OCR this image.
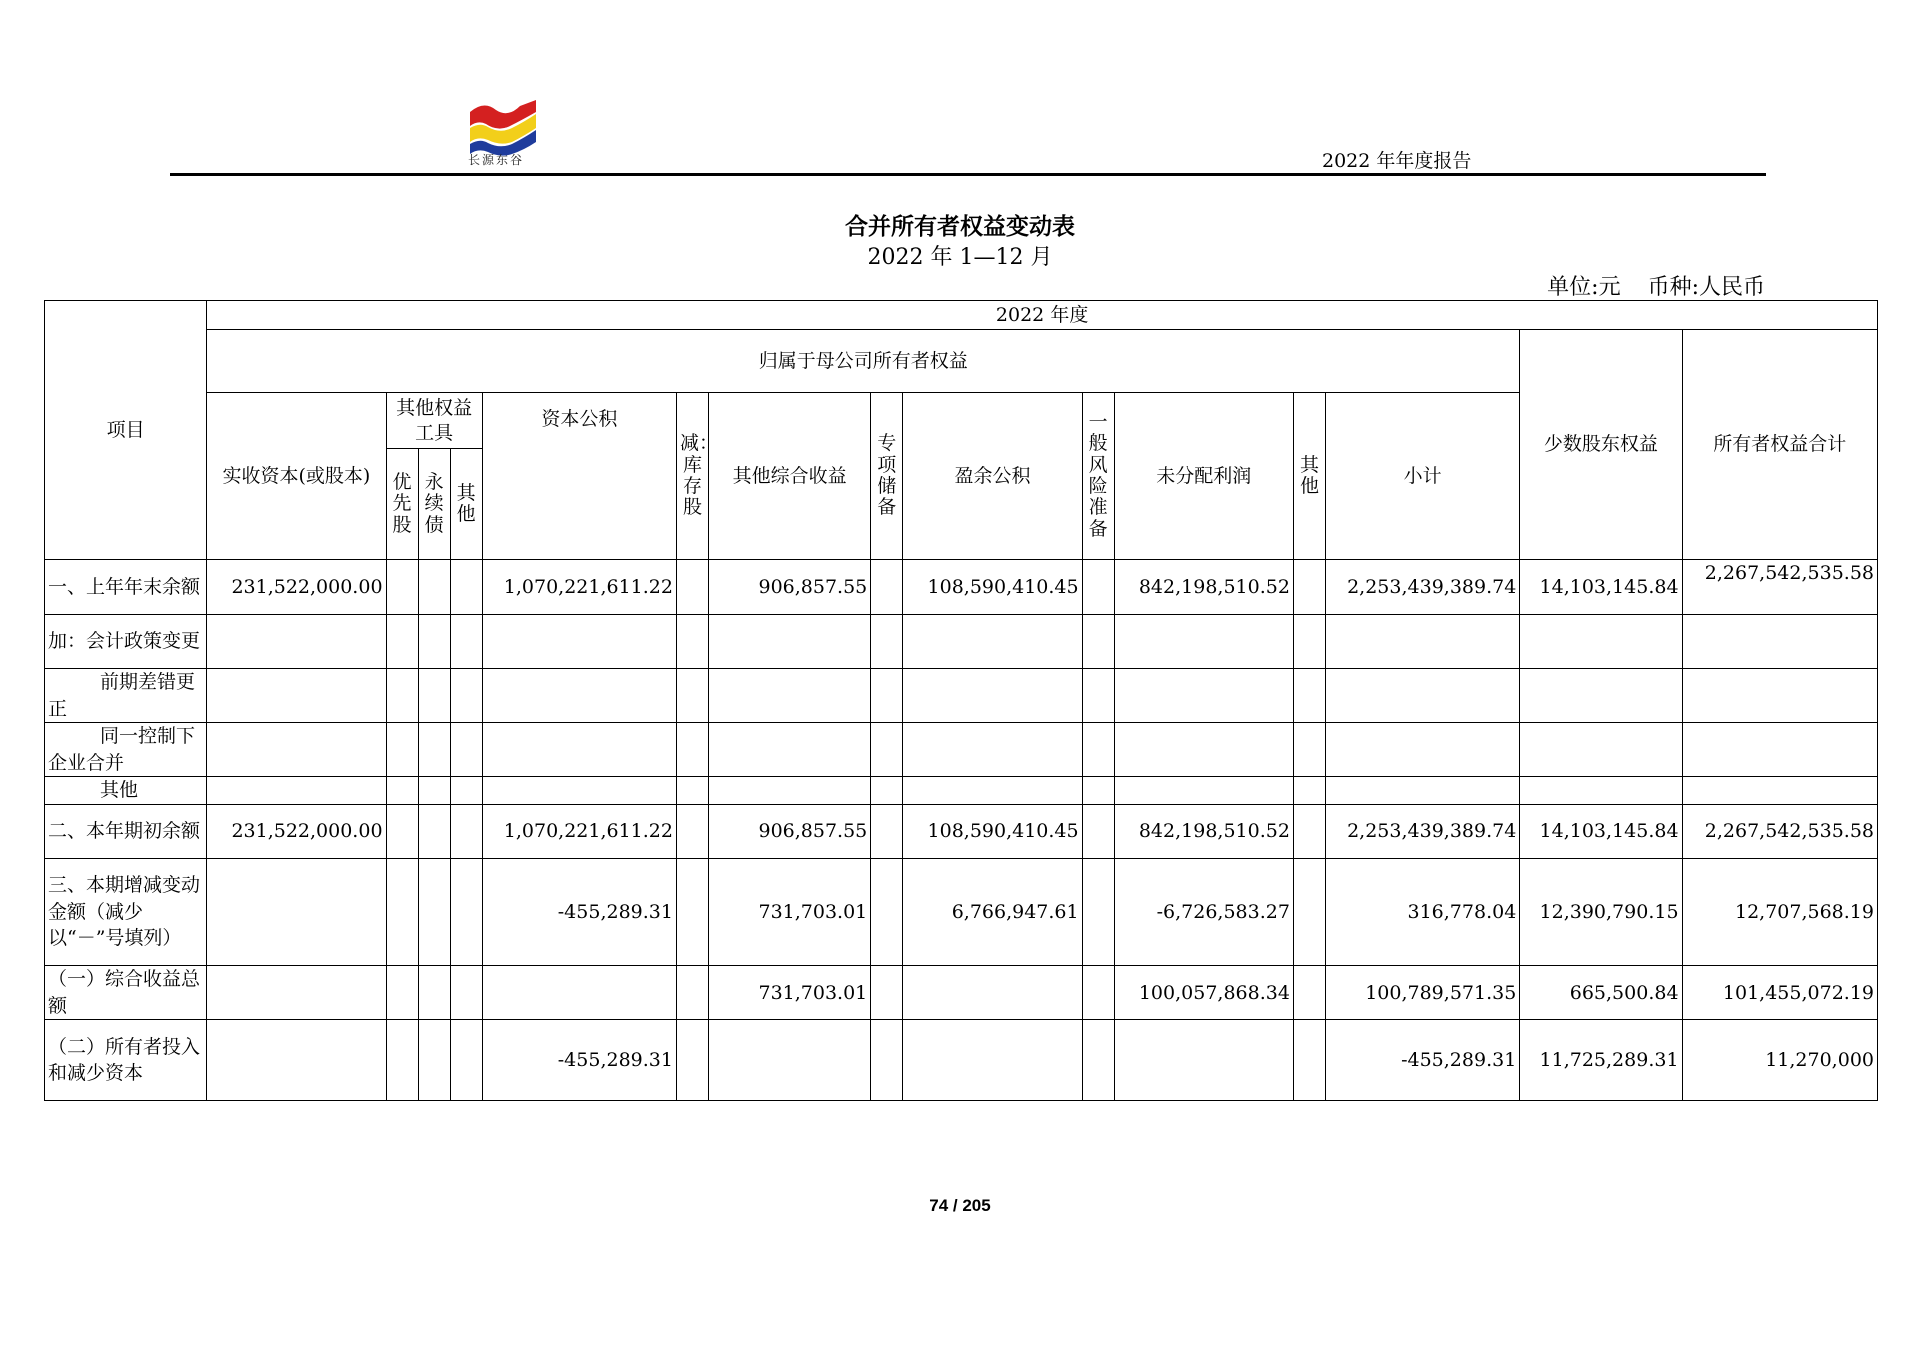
长源东谷	2022 年年度报告
合并所有者权益变动表
2022 年 1—12 月
单位:元 币种:人民币
项目	2022 年度														
	归属于母公司所有者权益													少数股东权益	所有者权益合计
	实收资本(或股本)	其他权益工具			资本公积	减：库存股	其他综合收益	专项储备	盈余公积	一般风险准备	未分配利润	其他	小计		
		优先股	永续债	其他											
一、上年年末余额	231,522,000.00				1,070,221,611.22		906,857.55		108,590,410.45		842,198,510.52		2,253,439,389.74	14,103,145.84	2,267,542,535.58
加：会计政策变更															
前期差错更正															
同一控制下企业合并															
其他															
二、本年期初余额	231,522,000.00				1,070,221,611.22		906,857.55		108,590,410.45		842,198,510.52		2,253,439,389.74	14,103,145.84	2,267,542,535.58
三、本期增减变动金额（减少以“－”号填列）					-455,289.31		731,703.01		6,766,947.61		-6,726,583.27		316,778.04	12,390,790.15	12,707,568.19
（一）综合收益总额							731,703.01				100,057,868.34		100,789,571.35	665,500.84	101,455,072.19
（二）所有者投入和减少资本					-455,289.31								-455,289.31	11,725,289.31	11,270,000
74 / 205
